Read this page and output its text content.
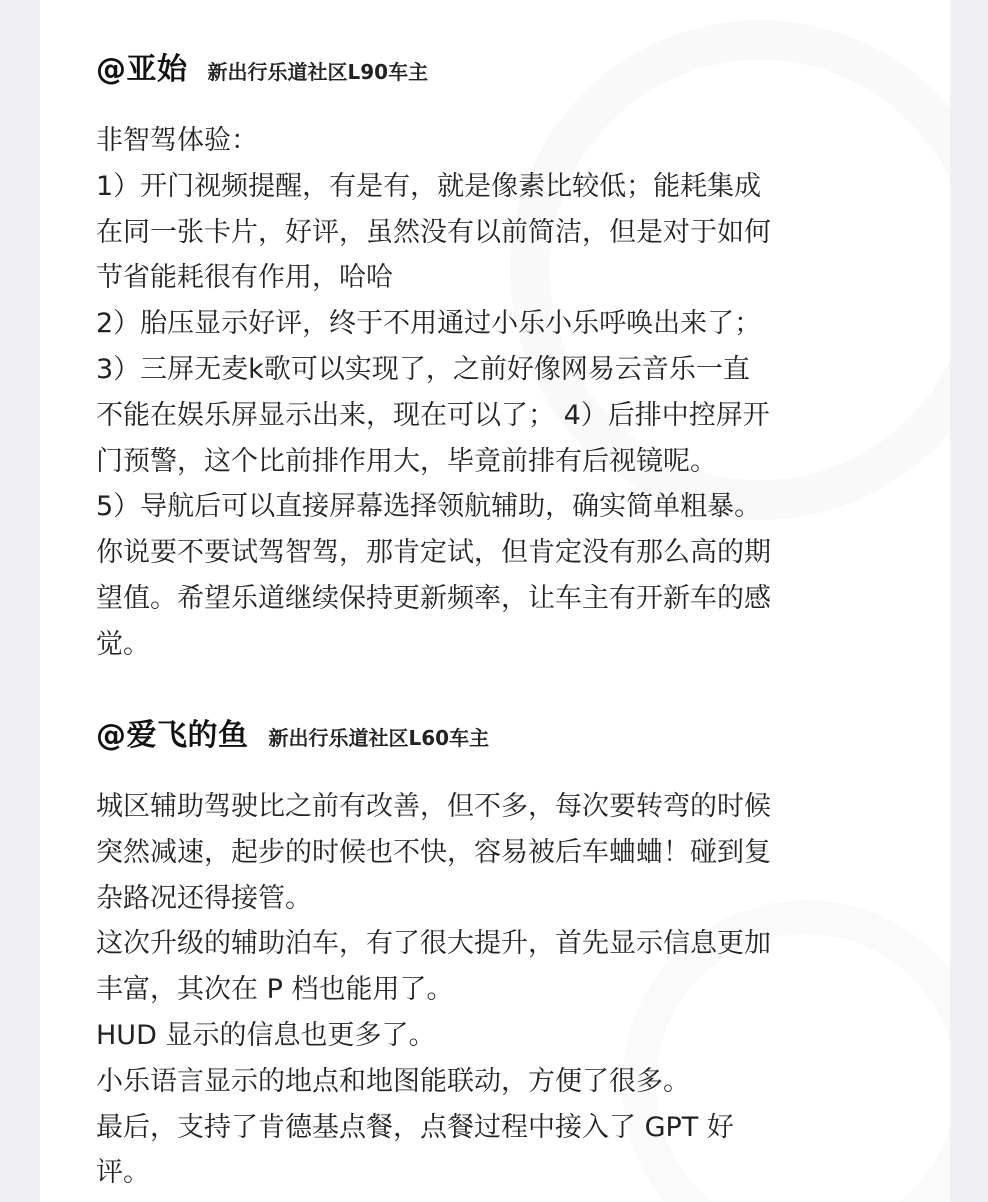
@亚始 新出行乐道社区L90车主
非智驾体验：
1）开门视频提醒，有是有，就是像素比较低；能耗集成
在同一张卡片，好评，虽然没有以前简洁，但是对于如何
节省能耗很有作用，哈哈
2）胎压显示好评，终于不用通过小乐小乐呼唤出来了；
3）三屏无麦k歌可以实现了，之前好像网易云音乐一直
不能在娱乐屏显示出来，现在可以了； 4）后排中控屏开
门预警，这个比前排作用大，毕竟前排有后视镜呢。
5）导航后可以直接屏幕选择领航辅助，确实简单粗暴。
你说要不要试驾智驾，那肯定试，但肯定没有那么高的期
望值。希望乐道继续保持更新频率，让车主有开新车的感
觉。
@爱飞的鱼 新出行乐道社区L60车主
城区辅助驾驶比之前有改善，但不多，每次要转弯的时候
突然减速，起步的时候也不快，容易被后车蛐蛐！碰到复
杂路况还得接管。
这次升级的辅助泊车，有了很大提升，首先显示信息更加
丰富，其次在 P 档也能用了。
HUD 显示的信息也更多了。
小乐语言显示的地点和地图能联动，方便了很多。
最后，支持了肯德基点餐，点餐过程中接入了 GPT 好
评。
